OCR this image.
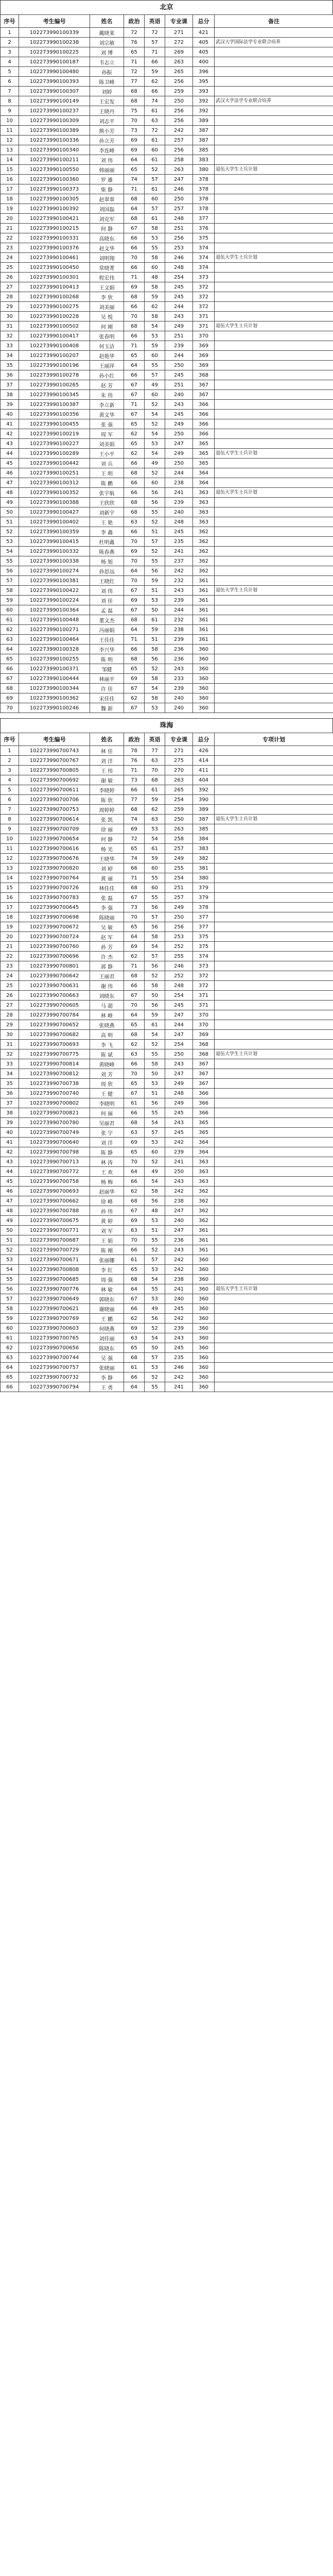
北京
序号	考生编号	姓名	政治	英语	专业课	总分	备注
1	102273990100339	戴晓莱	72	72	271	421	
2	102273990100238	刘宗敏	76	57	272	405	武汉大学国际法学专业联合培养
3	102273990100225	刘 博	65	71	269	405	
4	102273990100187	韦志立	71	66	263	400	
5	102273990100480	孙振	72	59	265	396	
6	102273990100393	陈卫峰	77	62	256	395	
7	102273990100307	刘婷	68	66	259	393	
8	102273990100149	王宏发	68	74	250	392	武汉大学法学专业联合培养
9	102273990100237	王晓丹	75	61	256	392	
10	102273990100309	刘志平	70	63	256	389	
11	102273990100389	熊小芳	73	72	242	387	
12	102273990100336	孙立芳	69	61	257	387	
13	102273990100340	李连峰	69	60	256	385	
14	102273990100211	刘 伟	64	61	258	383	
15	102273990100550	韩丽丽	65	52	263	380	退伍大学生士兵计划
16	102273990100360	罗 雄	74	57	247	378	
17	102273990100373	柴 静	71	61	246	378	
18	102273990100305	赵翠翠	68	60	250	378	
19	102273990100392	刘国磊	64	57	257	378	
20	102273990100421	刘克军	68	61	248	377	
21	102273990100215	何 静	67	58	251	376	
22	102273990100331	高晓东	66	53	256	375	
23	102273990100376	赵文华	66	55	253	374	
24	102273990100461	刘明翔	70	58	246	374	退伍大学生士兵计划
25	102273990100450	常晓菁	66	60	248	374	
26	102273990100301	程宏伟	71	48	254	373	
27	102273990100413	王文娟	69	58	245	372	
28	102273990100268	李 欣	68	59	245	372	
29	102273990100275	刘美丽	66	62	244	372	
30	102273990100228	吴 悦	70	58	243	371	
31	102273990100502	何 刚	68	54	249	371	退伍大学生士兵计划
32	102273990100417	张春明	66	53	251	370	
33	102273990100408	何玉洁	71	59	239	369	
34	102273990100207	赵艳华	65	60	244	369	
35	102273990100196	王丽萍	64	55	250	369	
36	102273990100278	孙小红	66	57	245	368	
37	102273990100265	赵 芳	67	49	251	367	
38	102273990100345	朱 伟	67	60	240	367	
39	102273990100387	李立新	71	52	243	366	
40	102273990100356	黄文华	67	54	245	366	
41	102273990100455	张 强	65	52	249	366	
42	102273990100219	周 军	62	54	250	366	
43	102273990100227	刘美娟	65	53	247	365	
44	102273990100289	王小平	62	54	249	365	退伍大学生士兵计划
45	102273990100442	刘 兵	66	49	250	365	
46	102273990100251	王 明	68	52	244	364	
47	102273990100312	陈 鹏	66	60	238	364	
48	102273990100352	张宇航	66	56	241	363	退伍大学生士兵计划
49	102273990100388	王欣欣	68	56	239	363	
50	102273990100427	刘新宇	68	55	240	363	
51	102273990100402	王 艳	63	52	248	363	
52	102273990100359	李 鑫	66	51	245	362	
53	102273990100415	杜明鑫	70	57	235	362	
54	102273990100332	陈春燕	69	52	241	362	
55	102273990100338	杨 旭	70	55	237	362	
56	102273990100274	孙思远	64	56	242	362	
57	102273990100381	王晓红	70	59	232	361	
58	102273990100422	刘 伟	67	51	243	361	退伍大学生士兵计划
59	102273990100224	刘 佳	69	53	239	361	
60	102273990100364	孟 磊	67	50	244	361	
61	102273990100448	董文杰	68	61	232	361	
62	102273990100271	冯丽娟	64	59	238	361	
63	102273990100464	王佳佳	71	51	239	361	
64	102273990100328	李兴华	66	58	236	360	
65	102273990100255	陈 明	68	56	236	360	
66	102273990100371	邹健	65	52	243	360	
67	102273990100444	林丽平	69	58	233	360	
68	102273990100344	许 佳	67	54	239	360	
69	102273990100362	宋佳佳	62	58	240	360	
70	102273990100246	魏 新	67	53	240	360	
珠海
序号	考生编号	姓名	政治	英语	专业课	总分	专项计划
1	102273990700743	林 佳	78	77	271	426	
2	102273990700767	刘 洋	76	63	275	414	
3	102273990700805	王 伟	71	70	270	411	
4	102273990700692	谢 敏	73	68	263	404	
5	102273990700611	李晓婷	66	61	265	392	
6	102273990700706	陈 欣	77	59	254	390	
7	102273990700753	周婷婷	68	62	259	389	
8	102273990700614	张 凯	74	63	250	387	退伍大学生士兵计划
9	102273990700709	徐 丽	69	53	263	385	
10	102273990700654	何 静	72	54	258	384	
11	102273990700616	杨 光	65	61	257	383	
12	102273990700676	王晓华	74	59	249	382	
13	102273990700820	刘 婷	66	60	255	381	
14	102273990700764	黄 丽	71	55	254	380	
15	102273990700726	林佳佳	68	60	251	379	
16	102273990700783	张 磊	67	55	257	379	
17	102273990700645	李 强	73	56	249	378	
18	102273990700698	陈晓丽	70	57	250	377	
19	102273990700672	吴 敏	65	56	256	377	
20	102273990700724	赵 军	64	58	253	375	
21	102273990700760	孙 芳	69	54	252	375	
22	102273990700696	许 杰	62	57	255	374	
23	102273990700801	郭 静	71	56	246	373	
24	102273990700642	王丽君	68	52	252	372	
25	102273990700631	谢 伟	66	58	248	372	
26	102273990700663	刘晓东	67	50	254	371	
27	102273990700605	马 超	70	56	245	371	
28	102273990700784	林 峰	64	59	247	370	
29	102273990700652	张晓燕	65	61	244	370	
30	102273990700682	高 明	68	54	247	369	
31	102273990700693	李 飞	62	52	254	368	
32	102273990700775	陈 斌	63	55	250	368	退伍大学生士兵计划
33	102273990700814	黄晓峰	66	58	243	367	
34	102273990700812	刘 芳	70	50	247	367	
35	102273990700738	周 欣	65	53	249	367	
36	102273990700740	王 健	67	51	248	366	
37	102273990700802	李晓明	61	56	249	366	
38	102273990700821	何 丽	66	55	245	366	
39	102273990700780	吴丽君	68	54	243	365	
40	102273990700749	张 宇	63	57	245	365	
41	102273990700640	刘 洋	69	53	242	364	
42	102273990700798	陈 静	65	60	239	364	
43	102273990700713	林 涛	70	52	241	363	
44	102273990700772	王 欢	64	49	250	363	
45	102273990700758	杨 梅	66	54	243	363	
46	102273990700693	赵丽华	62	58	242	362	
47	102273990700662	徐 峰	68	56	238	362	
48	102273990700788	孙 伟	67	48	247	362	
49	102273990700675	黄 婷	69	53	240	362	
50	102273990700771	刘 军	63	51	247	361	
51	102273990700687	王 娟	70	55	236	361	
52	102273990700729	陈 刚	66	52	243	361	
53	102273990700671	张丽娜	61	57	242	360	
54	102273990700808	李 红	65	53	242	360	
55	102273990700685	周 强	68	54	238	360	
56	102273990700776	林 敏	64	55	241	360	退伍大学生士兵计划
57	102273990700649	郭晓东	67	53	240	360	
58	102273990700621	谢晓丽	66	49	245	360	
59	102273990700769	王 鹏	62	56	242	360	
60	102273990700603	何晓燕	69	52	239	360	
61	102273990700765	刘佳丽	63	54	243	360	
62	102273990700656	陈晓东	65	50	245	360	
63	102273990700744	吴 强	68	57	235	360	
64	102273990700757	张晓丽	61	53	246	360	
65	102273990700732	李 静	66	52	242	360	
66	102273990700794	王 勇	64	55	241	360	
